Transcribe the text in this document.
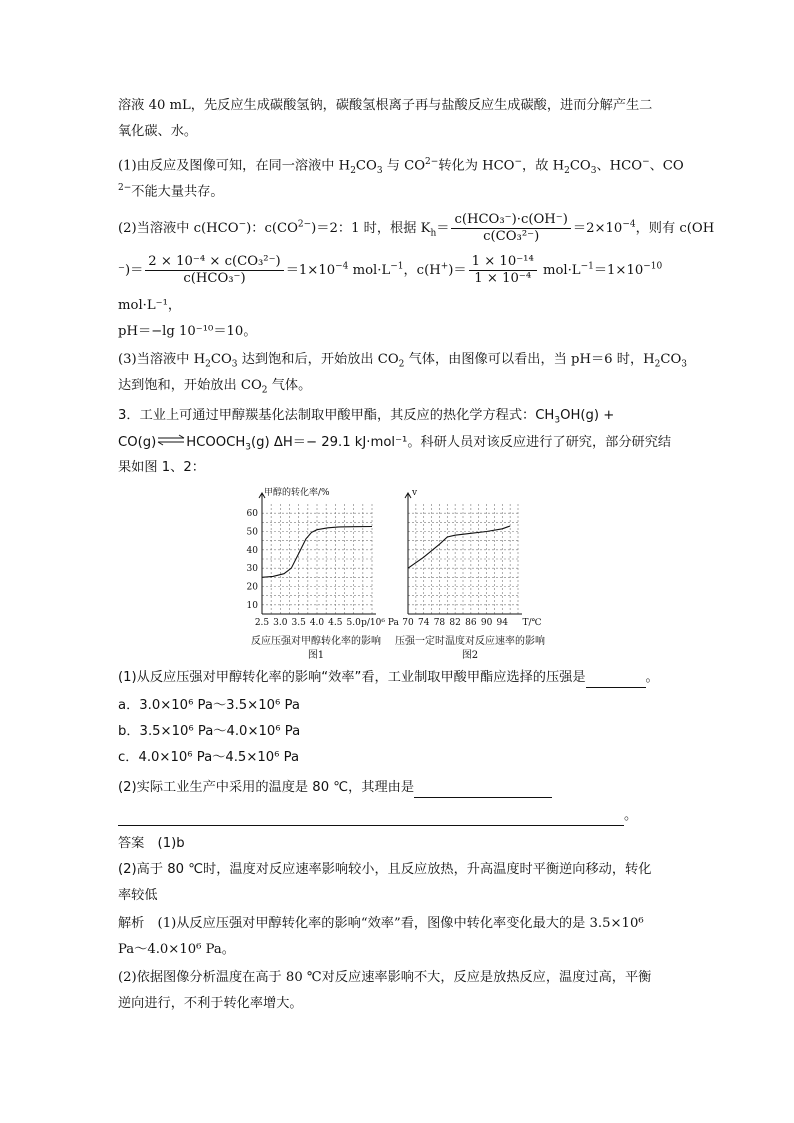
溶液 40 mL，先反应生成碳酸氢钠，碳酸氢根离子再与盐酸反应生成碳酸，进而分解产生二
氧化碳、水。
(1)由反应及图像可知，在同一溶液中 $H_2CO_3$ 与 $CO^{2-}$转化为 HCO−，故 $H_2CO_3$、HCO−、CO
$^{2-}$不能大量共存。
(2)当溶液中 c(HCO−)：$c(CO^{2-})=2$：1 时，根据 $K_h= \frac{\text{c(HCO₃⁻)·c(OH⁻)}}{\text{c(CO₃²⁻)}} =2\times 10^{-4}$，则有 c(OH
⁻)＝ $\frac{\text{2 × 10⁻⁴ × c(CO₃²⁻)}}{\text{c(HCO₃⁻)}} =1\times 10^{-4}$ $mol\cdot L^{-1}$，$c(H^+)= \frac{\text{1 × 10⁻¹⁴}}{\text{1 × 10⁻⁴}} mol\cdot L^{-1}=1\times 10^{-10}$
mol·L⁻¹，
pH＝−lg 10⁻¹⁰＝10。
(3)当溶液中 $H_2CO_3$ 达到饱和后，开始放出 $CO_2$ 气体，由图像可以看出，当 pH＝6 时，$H_2CO_3$
达到饱和，开始放出 $CO_2$ 气体。
3．工业上可通过甲醇羰基化法制取甲酸甲酯，其反应的热化学方程式：$CH_3OH(g)$ +
$CO(g)\rightleftharpoons HCOOCH_3(g)$ ΔH＝− 29.1 kJ·mol⁻¹。科研人员对该反应进行了研究，部分研究结
果如图 1、2：
60
50
40
30
20
10
2.5 3.0 3.5 4.0 4.5 5.0 p/10⁶ Pa
甲醇的转化率/%
反应压强对甲醇转化率的影响
图1
70 74 78 82 86 90 94 T/℃
v
压强一定时温度对反应速率的影响
图2
(1)从反应压强对甲醇转化率的影响“效率”看，工业制取甲酸甲酯应选择的压强是	。
a．3.0×10⁶ Pa～3.5×10⁶ Pa
b．3.5×10⁶ Pa～4.0×10⁶ Pa
c．4.0×10⁶ Pa～4.5×10⁶ Pa
(2)实际工业生产中采用的温度是 80 ℃，其理由是
。
答案　(1)b
(2)高于 80 ℃时，温度对反应速率影响较小，且反应放热，升高温度时平衡逆向移动，转化
率较低
解析　(1)从反应压强对甲醇转化率的影响“效率”看，图像中转化率变化最大的是 3.5×10⁶
Pa～4.0×10⁶ Pa。
(2)依据图像分析温度在高于 80 ℃对反应速率影响不大，反应是放热反应，温度过高，平衡
逆向进行，不利于转化率增大。
